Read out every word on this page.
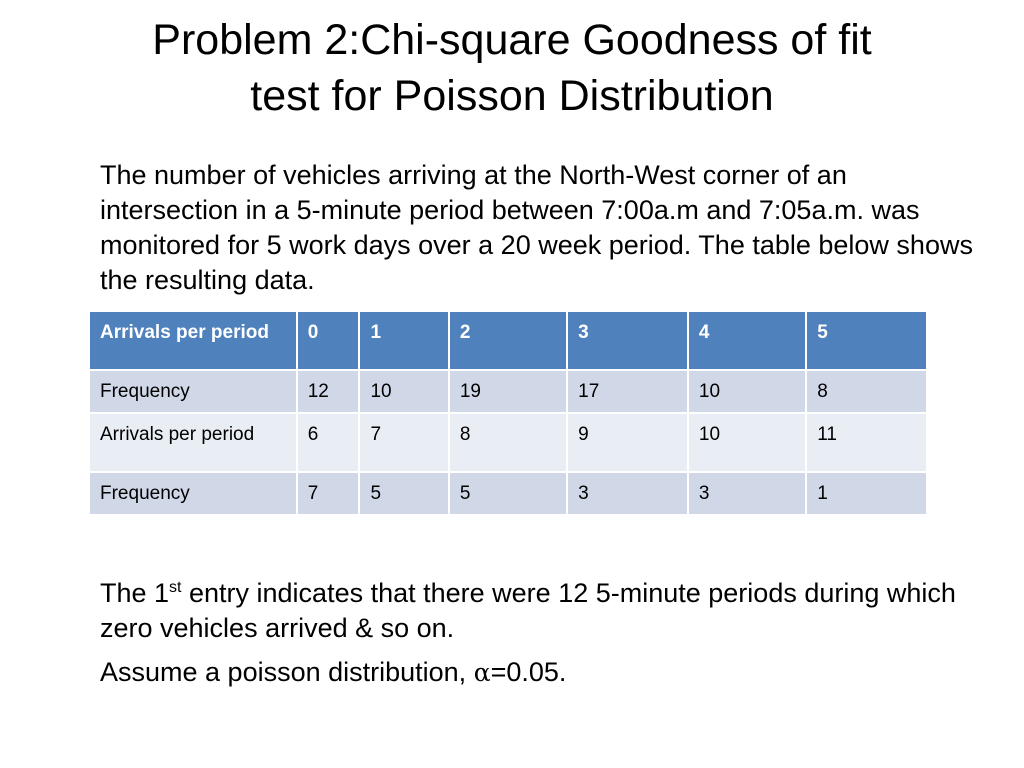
Problem 2:Chi-square Goodness of fit
test for Poisson Distribution

The number of vehicles arriving at the North-West corner of an intersection in a 5-minute period between 7:00a.m and 7:05a.m. was monitored for 5 work days over a 20 week period. The table below shows the resulting data.

Arrivals per period	0	1	2	3	4	5
Frequency	12	10	19	17	10	8
Arrivals per period	6	7	8	9	10	11
Frequency	7	5	5	3	3	1

The 1st entry indicates that there were 12 5-minute periods during which zero vehicles arrived & so on.

Assume a poisson distribution, α=0.05.
